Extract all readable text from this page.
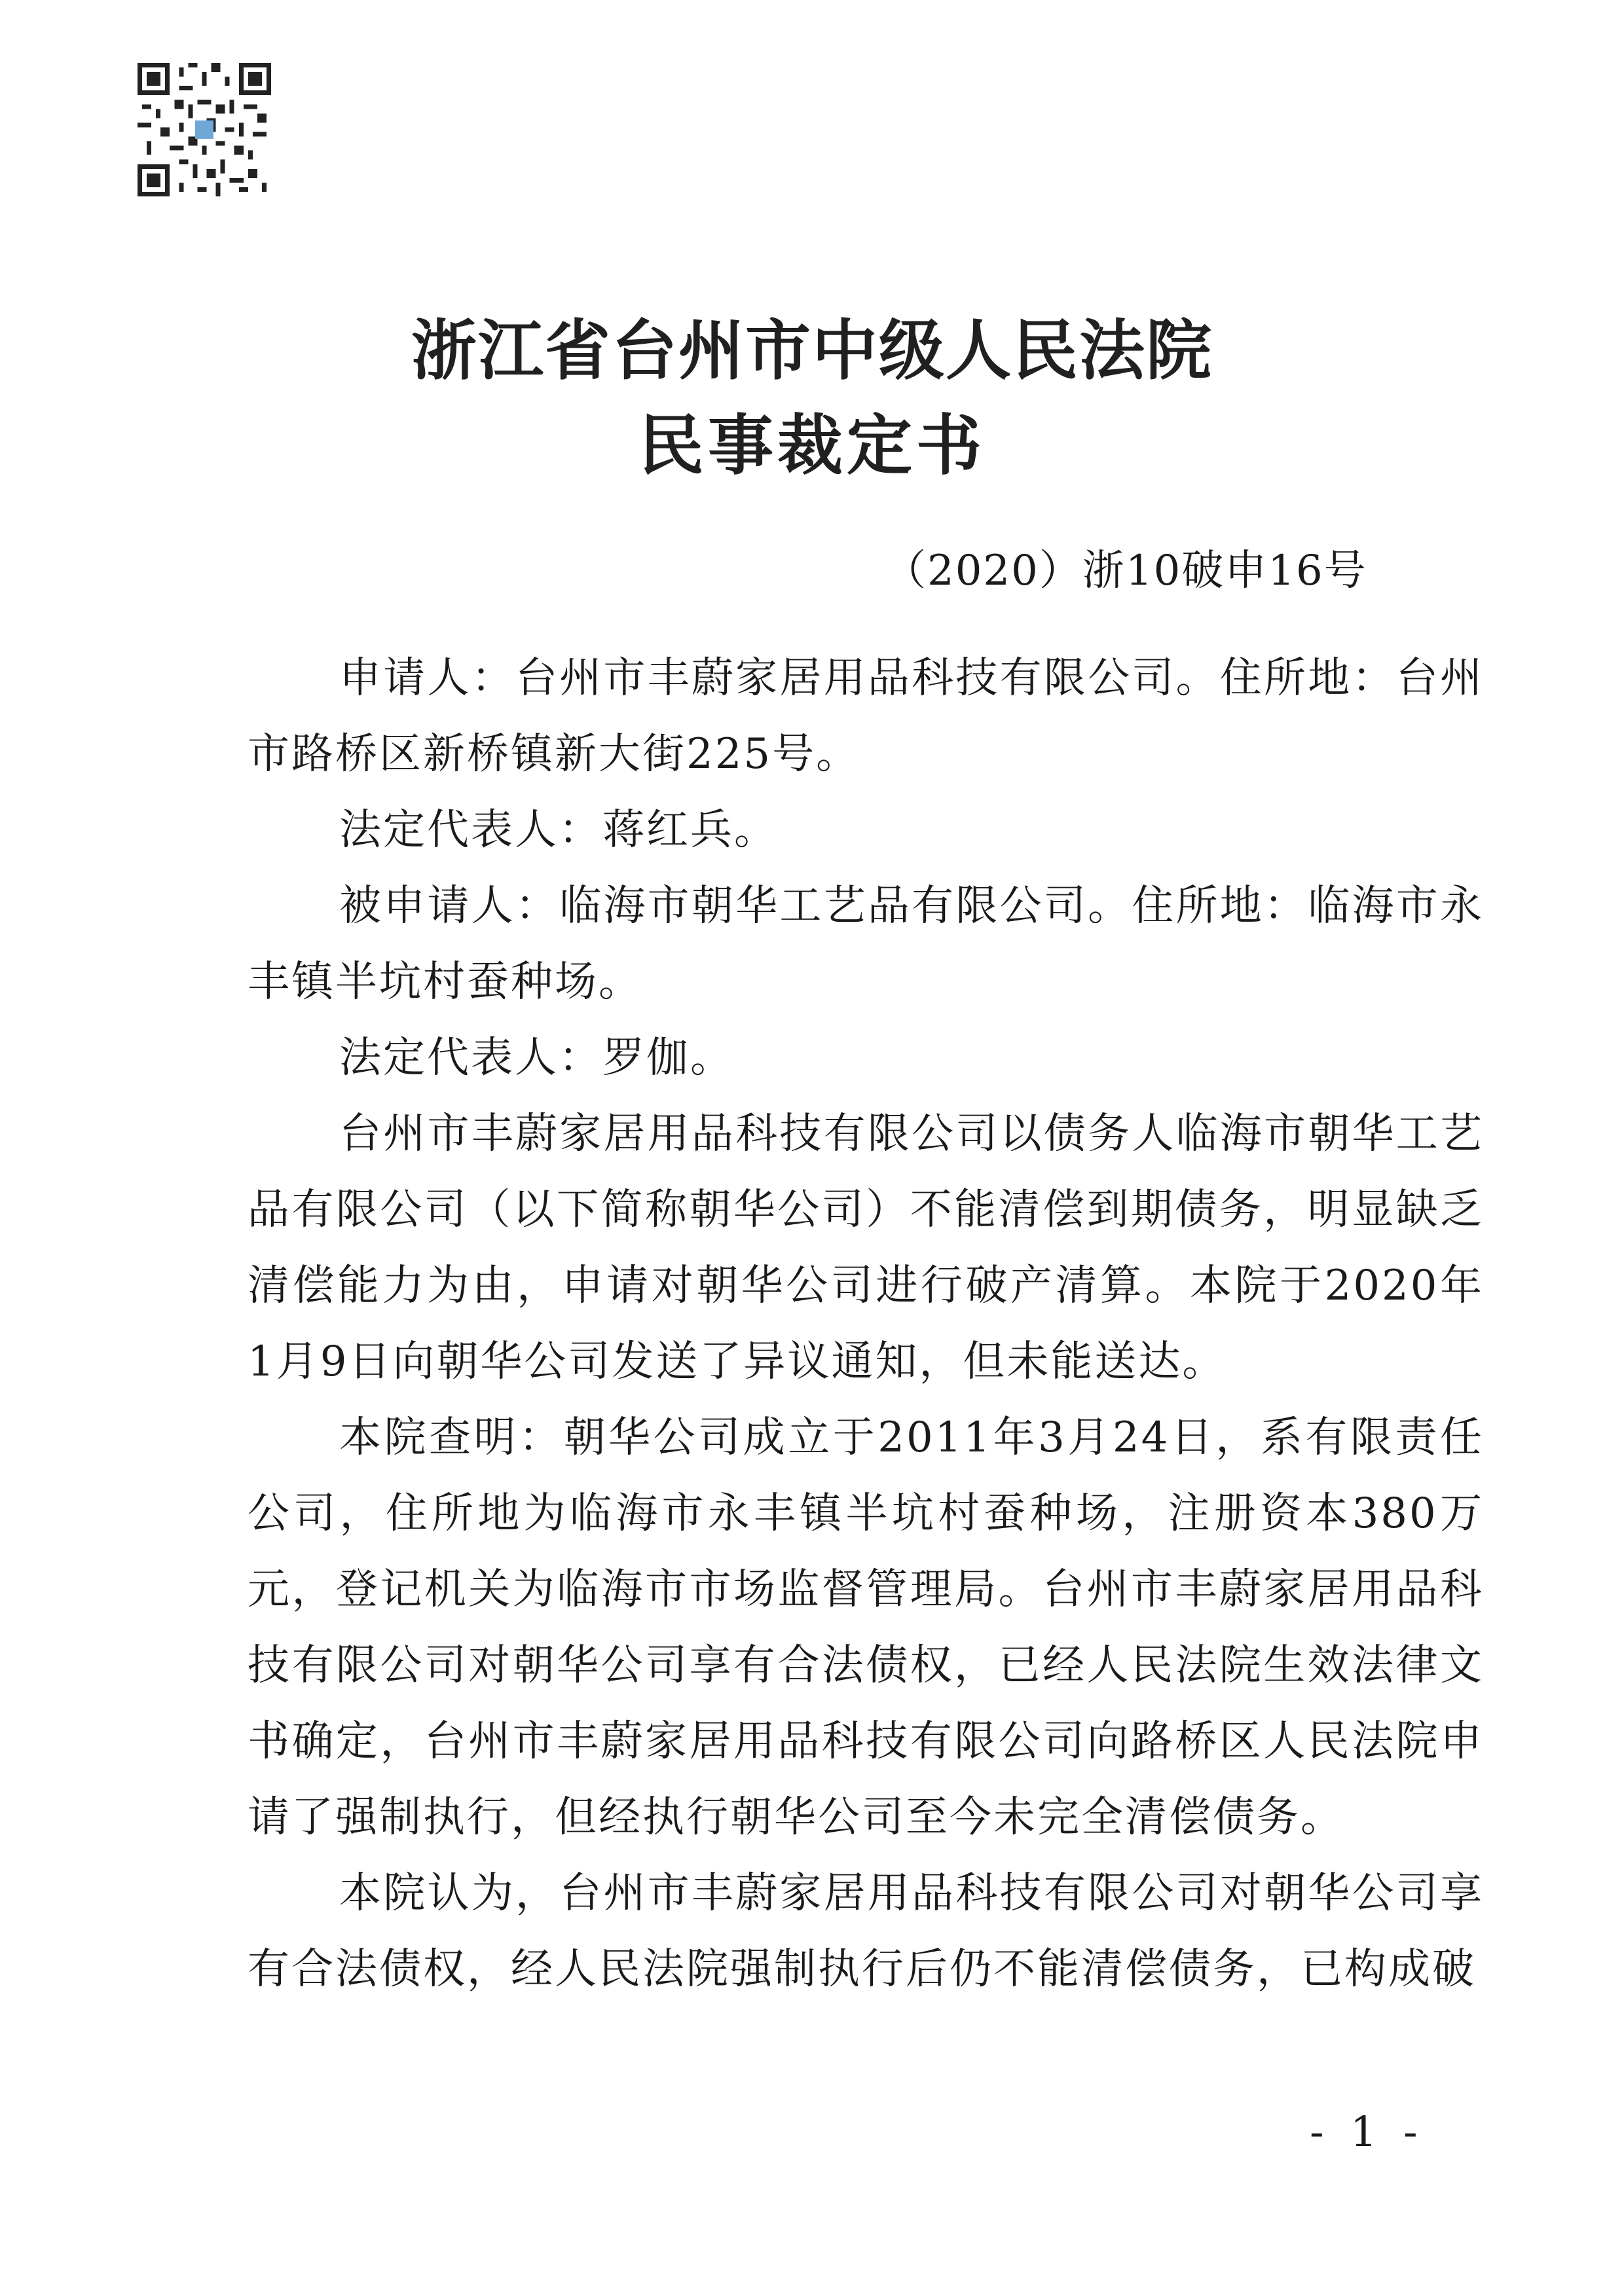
浙江省台州市中级人民法院
民事裁定书
（2020）浙10破申16号

申请人：台州市丰蔚家居用品科技有限公司。住所地：台州市路桥区新桥镇新大街225号。

法定代表人：蒋红兵。

被申请人：临海市朝华工艺品有限公司。住所地：临海市永丰镇半坑村蚕种场。

法定代表人：罗伽。

台州市丰蔚家居用品科技有限公司以债务人临海市朝华工艺品有限公司（以下简称朝华公司）不能清偿到期债务，明显缺乏清偿能力为由，申请对朝华公司进行破产清算。本院于2020年1月9日向朝华公司发送了异议通知，但未能送达。

本院查明：朝华公司成立于2011年3月24日，系有限责任公司，住所地为临海市永丰镇半坑村蚕种场，注册资本380万元，登记机关为临海市市场监督管理局。台州市丰蔚家居用品科技有限公司对朝华公司享有合法债权，已经人民法院生效法律文书确定，台州市丰蔚家居用品科技有限公司向路桥区人民法院申请了强制执行，但经执行朝华公司至今未完全清偿债务。

本院认为，台州市丰蔚家居用品科技有限公司对朝华公司享有合法债权，经人民法院强制执行后仍不能清偿债务，已构成破

- 1 -
